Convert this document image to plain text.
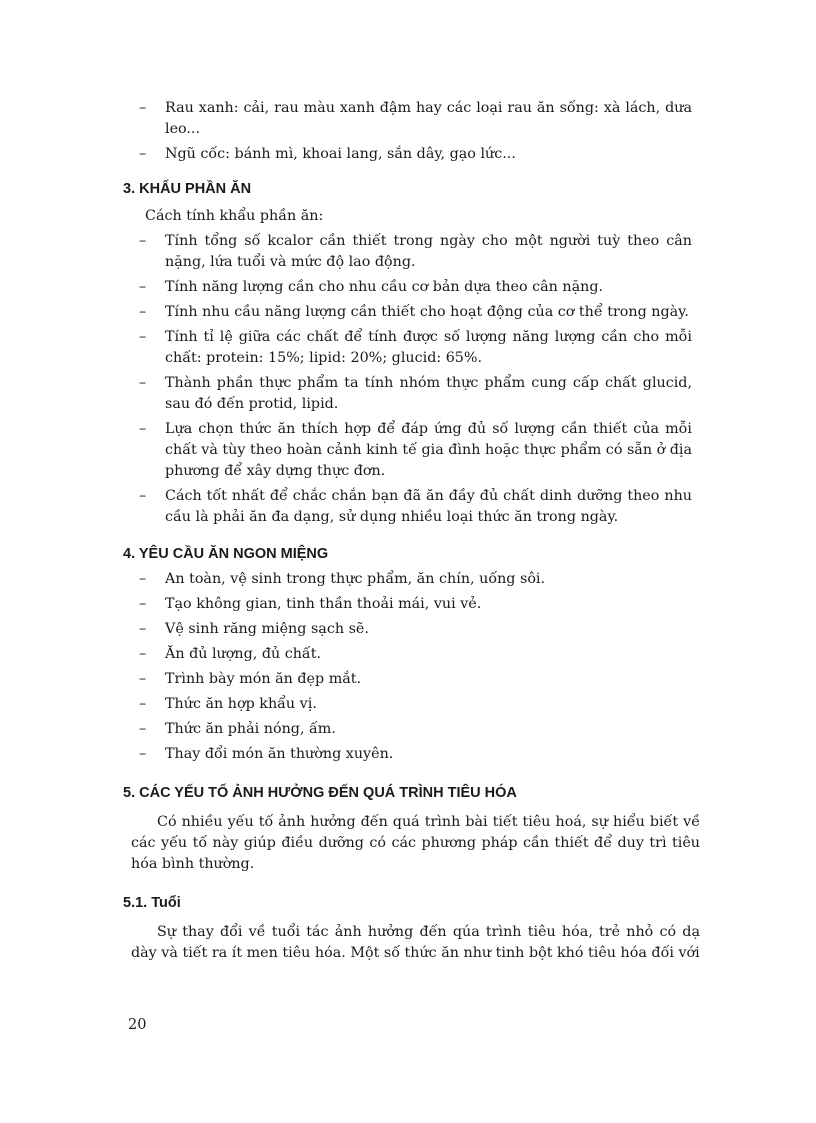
–	Rau xanh: cải, rau màu xanh đậm hay các loại rau ăn sống: xà lách, dưa leo...
–	Ngũ cốc: bánh mì, khoai lang, sắn dây, gạo lức...
3. KHẨU PHẦN ĂN
Cách tính khẩu phần ăn:
–	Tính tổng số kcalor cần thiết trong ngày cho một người tuỳ theo cân nặng, lứa tuổi và mức độ lao động.
–	Tính năng lượng cần cho nhu cầu cơ bản dựa theo cân nặng.
–	Tính nhu cầu năng lượng cần thiết cho hoạt động của cơ thể trong ngày.
–	Tính tỉ lệ giữa các chất để tính được số lượng năng lượng cần cho mỗi chất: protein: 15%; lipid: 20%; glucid: 65%.
–	Thành phần thực phẩm ta tính nhóm thực phẩm cung cấp chất glucid, sau đó đến protid, lipid.
–	Lựa chọn thức ăn thích hợp để đáp ứng đủ số lượng cần thiết của mỗi chất và tùy theo hoàn cảnh kinh tế gia đình hoặc thực phẩm có sẵn ở địa phương để xây dựng thực đơn.
–	Cách tốt nhất để chắc chắn bạn đã ăn đầy đủ chất dinh dưỡng theo nhu cầu là phải ăn đa dạng, sử dụng nhiều loại thức ăn trong ngày.
4. YÊU CẦU ĂN NGON MIỆNG
–	An toàn, vệ sinh trong thực phẩm, ăn chín, uống sôi.
–	Tạo không gian, tinh thần thoải mái, vui vẻ.
–	Vệ sinh răng miệng sạch sẽ.
–	Ăn đủ lượng, đủ chất.
–	Trình bày món ăn đẹp mắt.
–	Thức ăn hợp khẩu vị.
–	Thức ăn phải nóng, ấm.
–	Thay đổi món ăn thường xuyên.
5. CÁC YẾU TỐ ẢNH HƯỞNG ĐẾN QUÁ TRÌNH TIÊU HÓA
Có nhiều yếu tố ảnh hưởng đến quá trình bài tiết tiêu hoá, sự hiểu biết về các yếu tố này giúp điều dưỡng có các phương pháp cần thiết để duy trì tiêu hóa bình thường.
5.1. Tuổi
Sự thay đổi về tuổi tác ảnh hưởng đến qúa trình tiêu hóa, trẻ nhỏ có dạ dày và tiết ra ít men tiêu hóa. Một số thức ăn như tinh bột khó tiêu hóa đối với
20
